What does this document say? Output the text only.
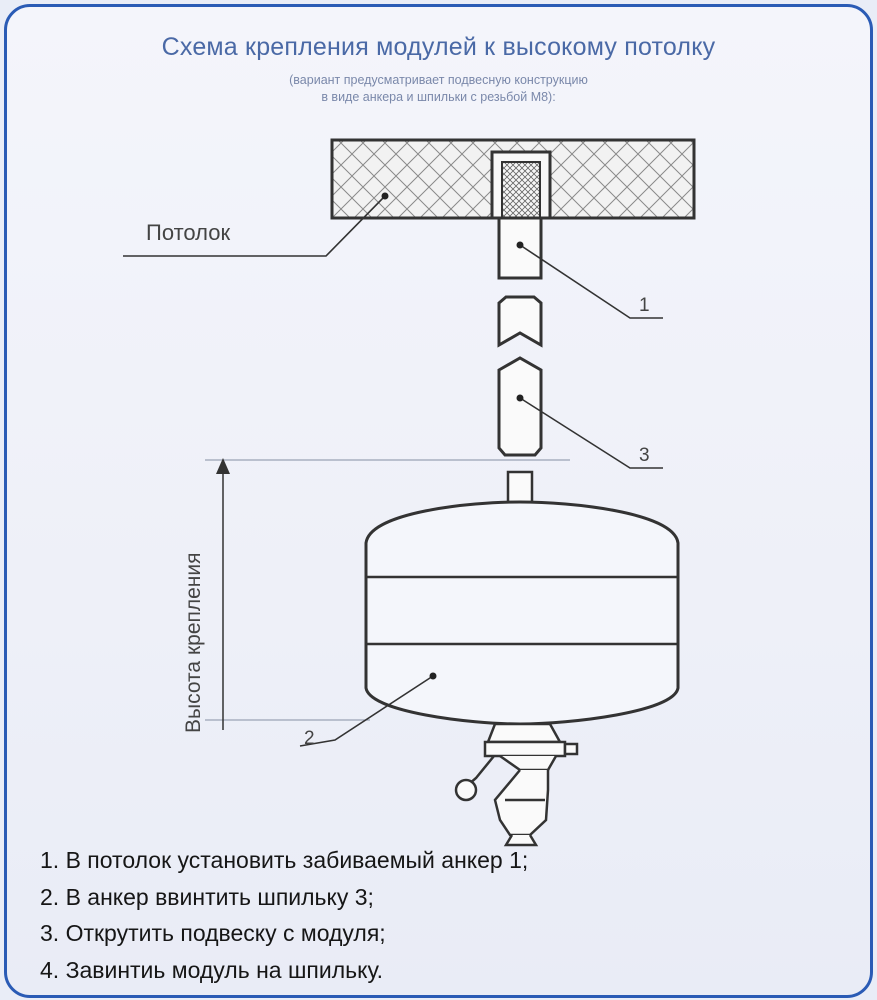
Схема крепления модулей к высокому потолку
(вариант предусматривает подвесную конструкцию
в виде анкера и шпильки с резьбой М8):
Потолок
1
3
2
Высота крепления
1. В потолок установить забиваемый анкер 1;
2. В анкер ввинтить шпильку 3;
3. Открутить подвеску с модуля;
4. Завинтиь модуль на шпильку.
